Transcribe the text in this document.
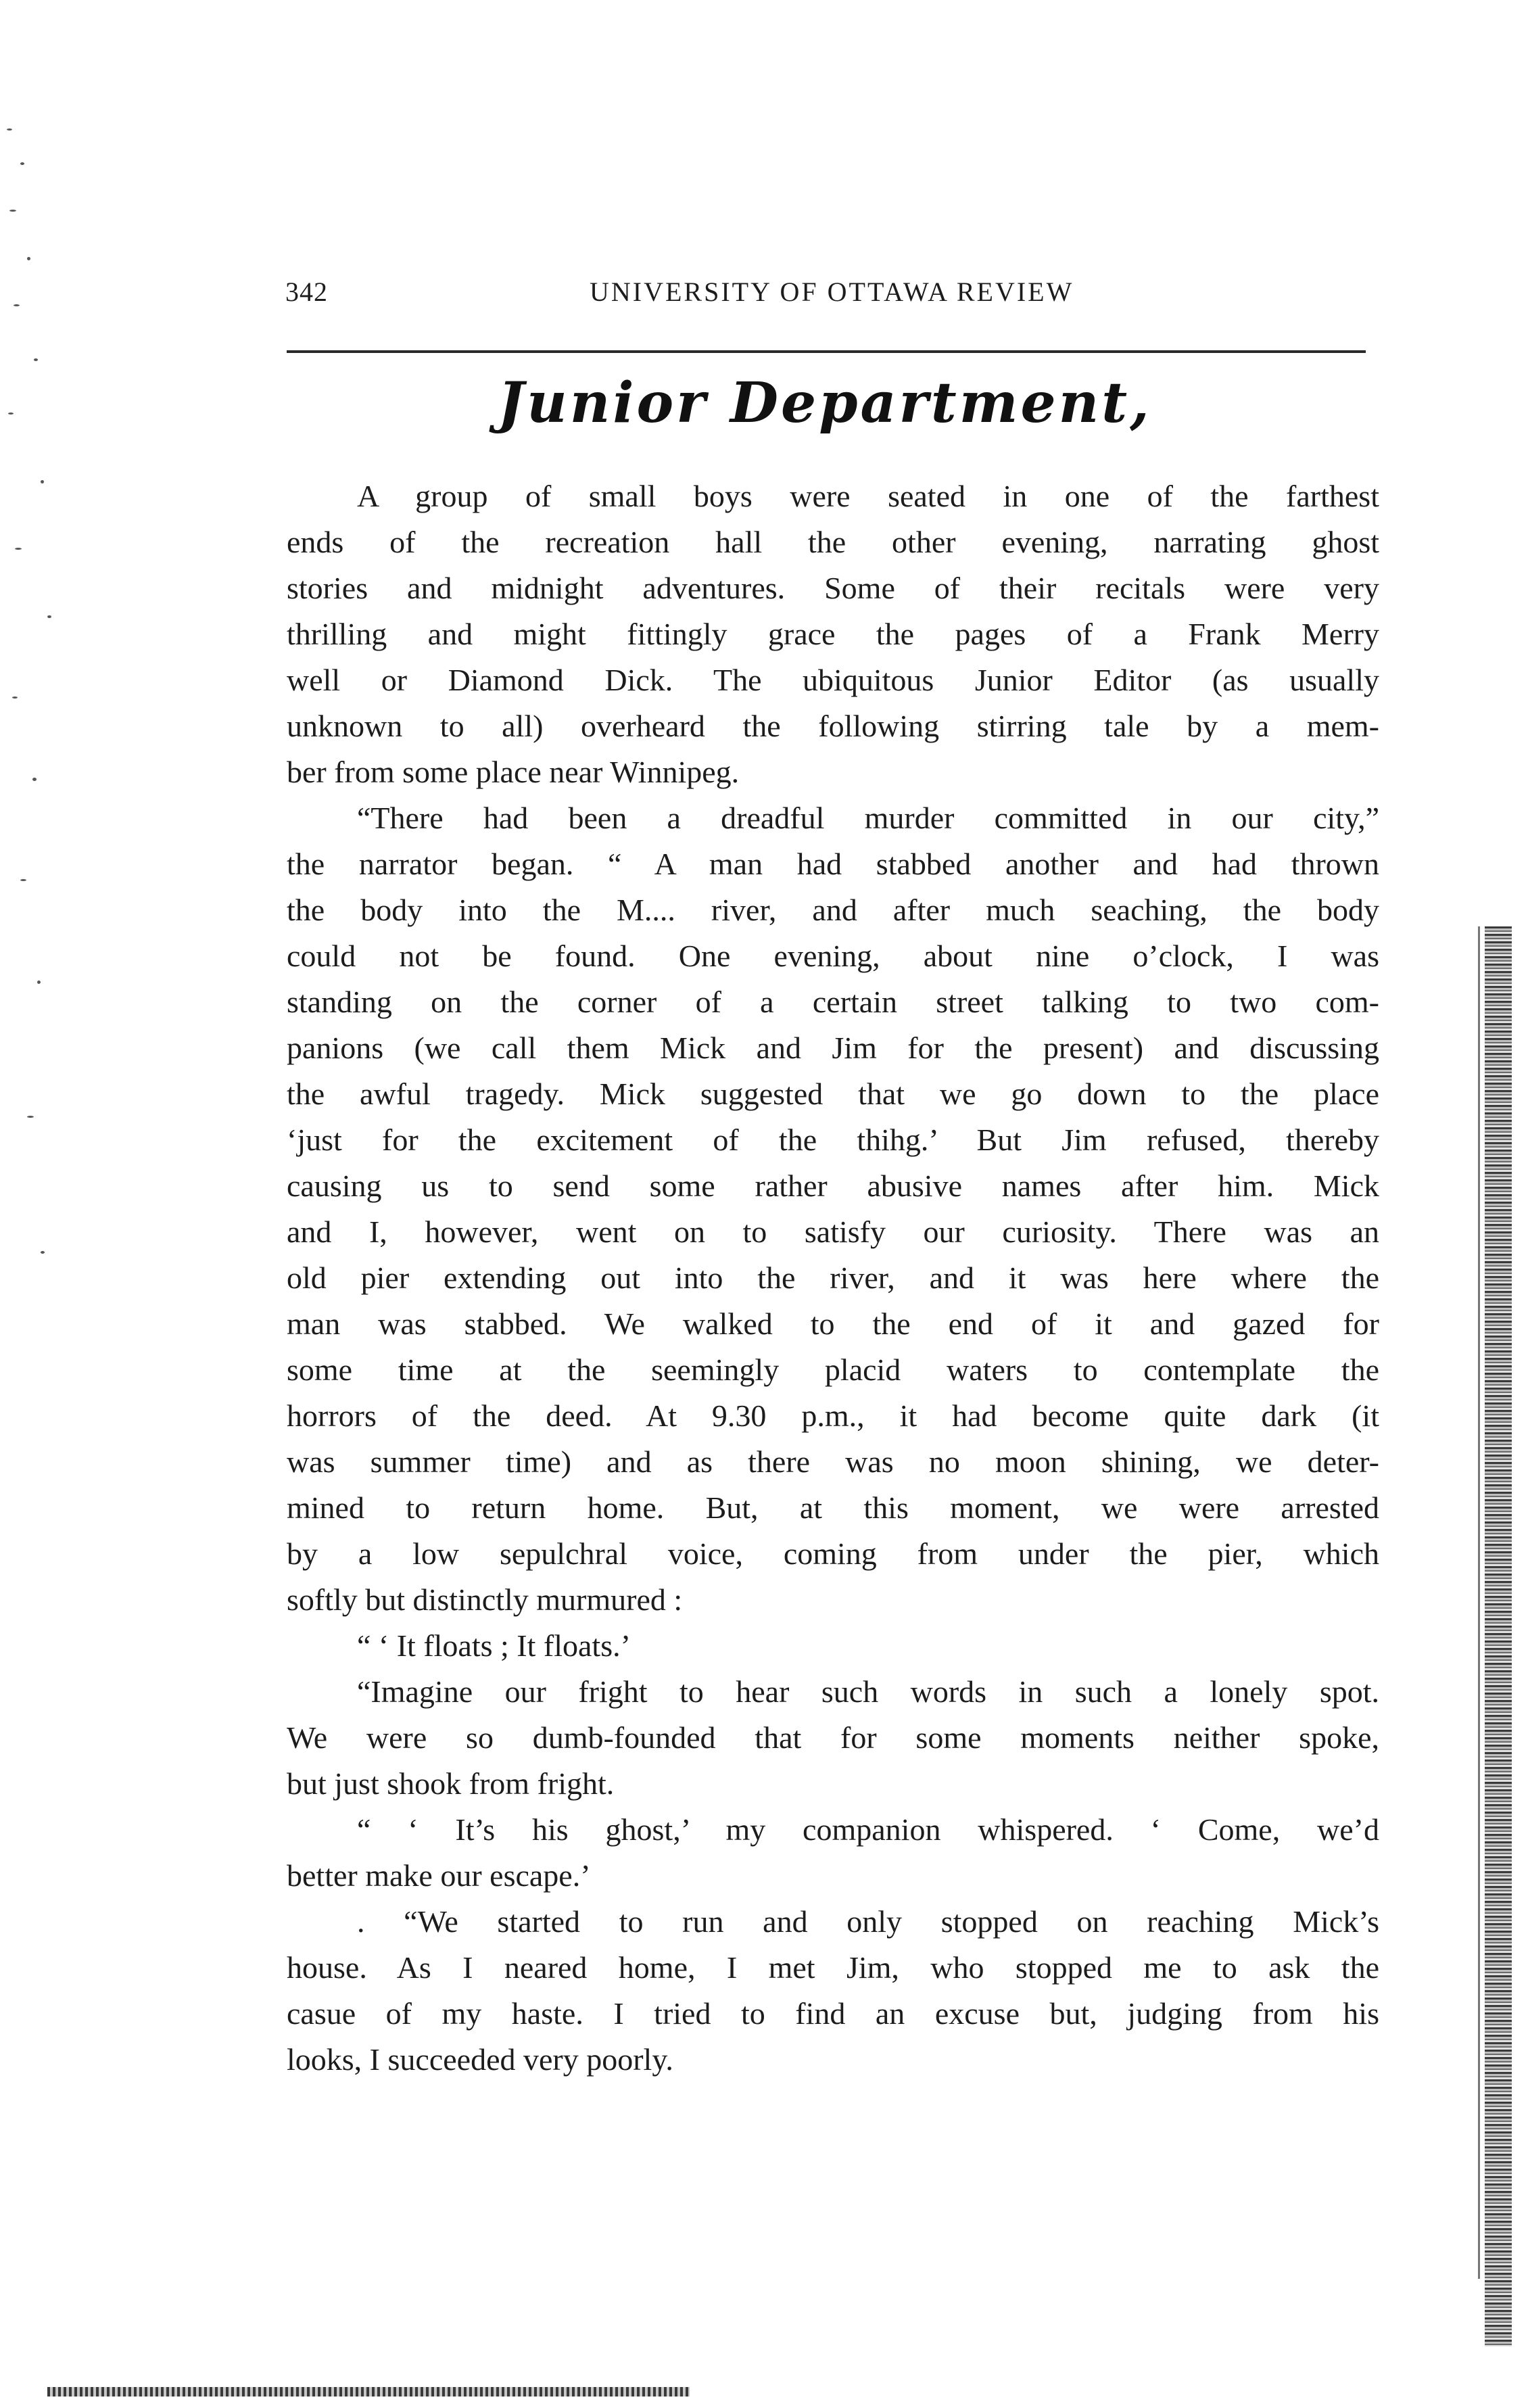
342	UNIVERSITY OF OTTAWA REVIEW
Junior Department,
A group of small boys were seated in one of the farthest
ends of the recreation hall the other evening, narrating ghost
stories and midnight adventures. Some of their recitals were very
thrilling and might fittingly grace the pages of a Frank Merry
well or Diamond Dick. The ubiquitous Junior Editor (as usually
unknown to all) overheard the following stirring tale by a mem-
ber from some place near Winnipeg.
“There had been a dreadful murder committed in our city,”
the narrator began. “ A man had stabbed another and had thrown
the body into the M.... river, and after much seaching, the body
could not be found. One evening, about nine o’clock, I was
standing on the corner of a certain street talking to two com-
panions (we call them Mick and Jim for the present) and discussing
the awful tragedy. Mick suggested that we go down to the place
‘just for the excitement of the thihg.’ But Jim refused, thereby
causing us to send some rather abusive names after him. Mick
and I, however, went on to satisfy our curiosity. There was an
old pier extending out into the river, and it was here where the
man was stabbed. We walked to the end of it and gazed for
some time at the seemingly placid waters to contemplate the
horrors of the deed. At 9.30 p.m., it had become quite dark (it
was summer time) and as there was no moon shining, we deter-
mined to return home. But, at this moment, we were arrested
by a low sepulchral voice, coming from under the pier, which
softly but distinctly murmured :
“ ‘ It floats ; It floats.’
“Imagine our fright to hear such words in such a lonely spot.
We were so dumb-founded that for some moments neither spoke,
but just shook from fright.
“ ‘ It’s his ghost,’ my companion whispered. ‘ Come, we’d
better make our escape.’
. “We started to run and only stopped on reaching Mick’s
house. As I neared home, I met Jim, who stopped me to ask the
casue of my haste. I tried to find an excuse but, judging from his
looks, I succeeded very poorly.
